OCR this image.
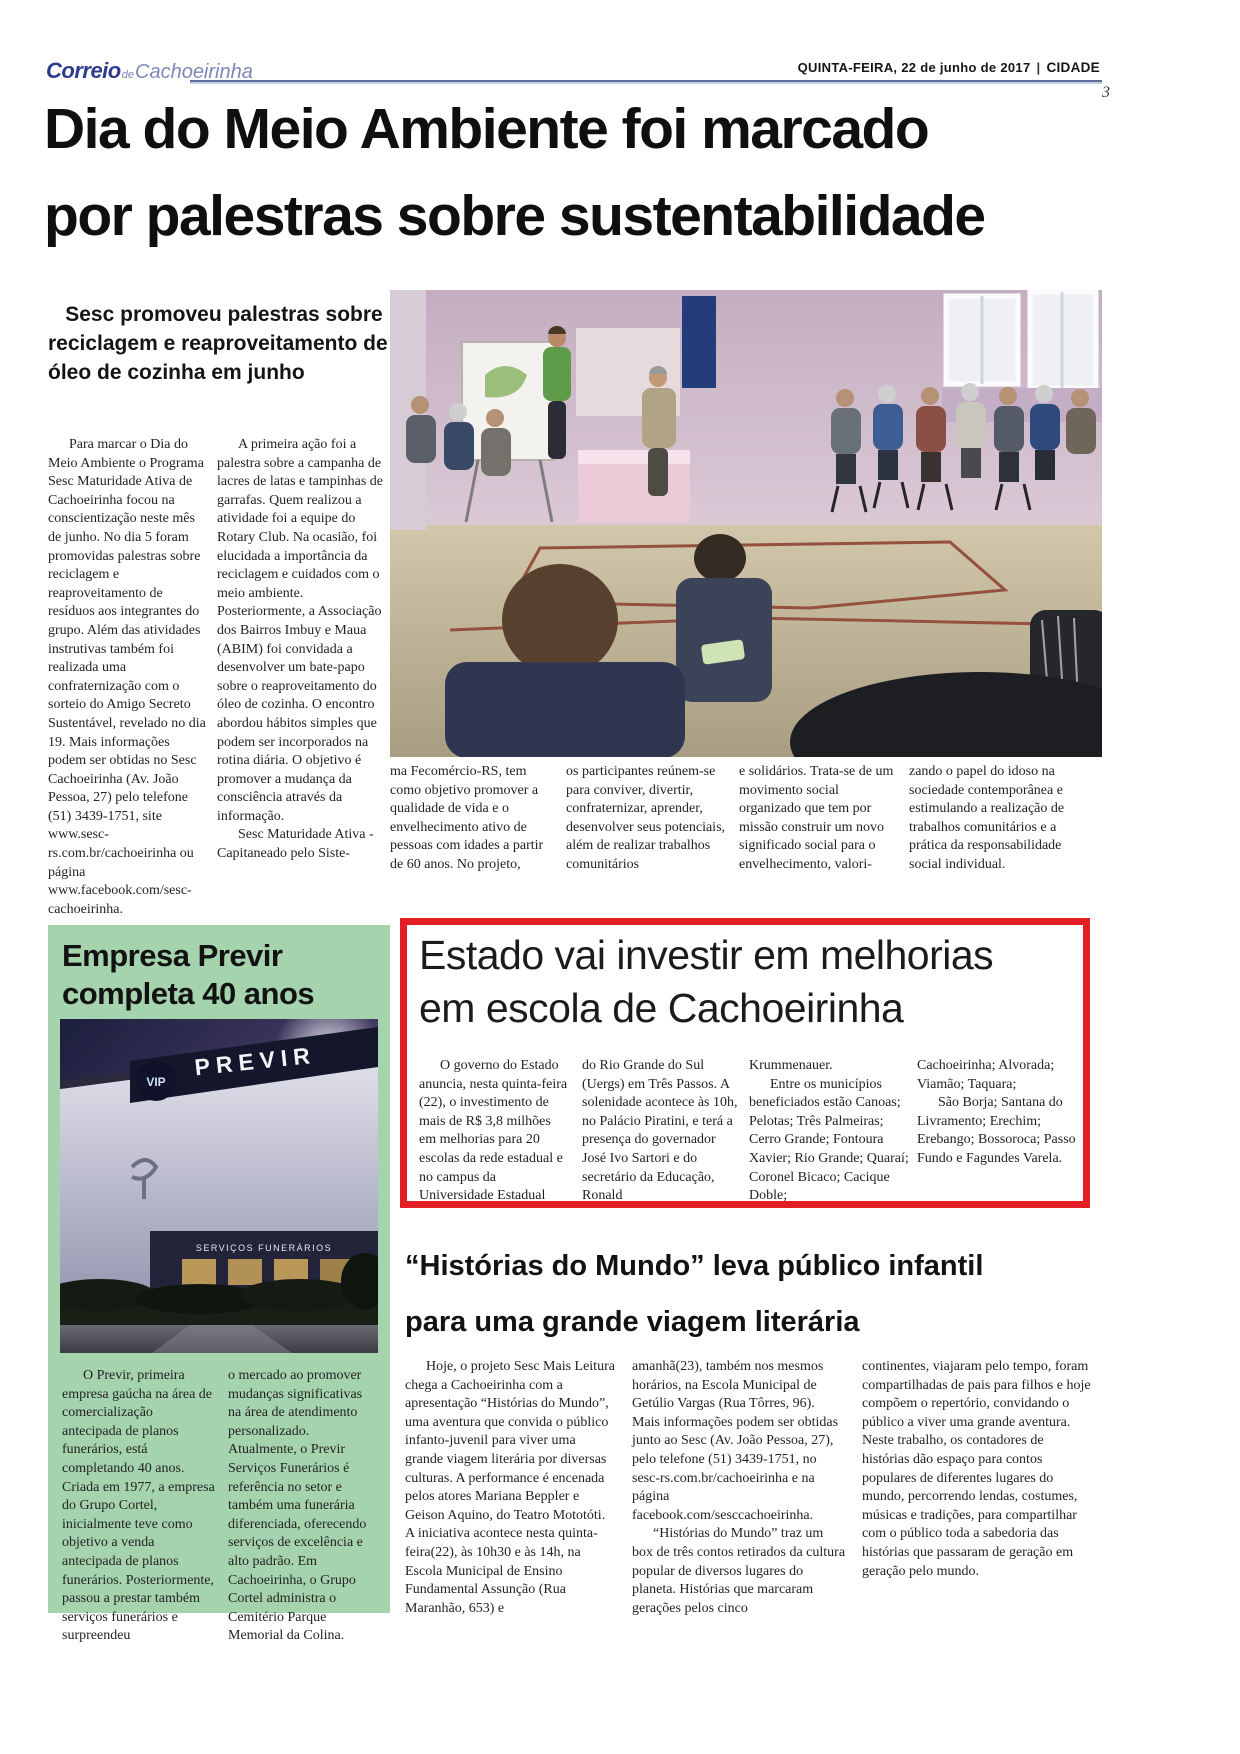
CorreiodeCachoeirinha	QUINTA-FEIRA, 22 de junho de 2017 | CIDADE
3

Dia do Meio Ambiente foi marcado

por palestras sobre sustentabilidade

Sesc promoveu palestras sobre

reciclagem e reaproveitamento de

óleo de cozinha em junho

Para marcar o Dia do Meio Ambiente o Programa Sesc Maturidade Ativa de Cachoeirinha focou na conscientização neste mês de junho. No dia 5 foram promovidas palestras sobre reciclagem e reaproveitamento de resíduos aos integrantes do grupo. Além das atividades instrutivas também foi realizada uma confraternização com o sorteio do Amigo Secreto Sustentável, revelado no dia 19. Mais informações podem ser obtidas no Sesc Cachoeirinha (Av. João Pessoa, 27) pelo telefone (51) 3439-1751, site www.sesc-rs.com.br/cachoeirinha ou página www.facebook.com/sesc-cachoeirinha.

A primeira ação foi a palestra sobre a campanha de lacres de latas e tampinhas de garrafas. Quem realizou a atividade foi a equipe do Rotary Club. Na ocasião, foi elucidada a importância da reciclagem e cuidados com o meio ambiente. Posteriormente, a Associação dos Bairros Imbuy e Maua (ABIM) foi convidada a desenvolver um bate-papo sobre o reaproveitamento do óleo de cozinha. O encontro abordou hábitos simples que podem ser incorporados na rotina diária. O objetivo é promover a mudança da consciência através da informação.

Sesc Maturidade Ativa - Capitaneado pelo Siste-

ma Fecomércio-RS, tem como objetivo promover a qualidade de vida e o envelhecimento ativo de pessoas com idades a partir de 60 anos. No projeto,

os participantes reúnem-se para conviver, divertir, confraternizar, aprender, desenvolver seus potenciais, além de realizar trabalhos comunitários

e solidários. Trata-se de um movimento social organizado que tem por missão construir um novo significado social para o envelhecimento, valori-

zando o papel do idoso na sociedade contemporânea e estimulando a realização de trabalhos comunitários e a prática da responsabilidade social individual.

Empresa Previr

completa 40 anos

PREVIR
VIP
SERVIÇOS FUNERÁRIOS

O Previr, primeira empresa gaúcha na área de comercialização antecipada de planos funerários, está completando 40 anos. Criada em 1977, a empresa do Grupo Cortel, inicialmente teve como objetivo a venda antecipada de planos funerários. Posteriormente, passou a prestar também serviços funerários e surpreendeu

o mercado ao promover mudanças significativas na área de atendimento personalizado. Atualmente, o Previr Serviços Funerários é referência no setor e também uma funerária diferenciada, oferecendo serviços de excelência e alto padrão. Em Cachoeirinha, o Grupo Cortel administra o Cemitério Parque Memorial da Colina.

Estado vai investir em melhorias

em escola de Cachoeirinha

O governo do Estado anuncia, nesta quinta-feira (22), o investimento de mais de R$ 3,8 milhões em melhorias para 20 escolas da rede estadual e no campus da Universidade Estadual

do Rio Grande do Sul (Uergs) em Três Passos. A solenidade acontece às 10h, no Palácio Piratini, e terá a presença do governador José Ivo Sartori e do secretário da Educação, Ronald

Krummenauer.

Entre os municípios beneficiados estão Canoas; Pelotas; Três Palmeiras; Cerro Grande; Fontoura Xavier; Rio Grande; Quaraí; Coronel Bicaco; Cacique Doble;

Cachoeirinha; Alvorada; Viamão; Taquara;

São Borja; Santana do Livramento; Erechim; Erebango; Bossoroca; Passo Fundo e Fagundes Varela.

“Histórias do Mundo” leva público infantil

para uma grande viagem literária

Hoje, o projeto Sesc Mais Leitura chega a Cachoeirinha com a apresentação “Histórias do Mundo”, uma aventura que convida o público infanto-juvenil para viver uma grande viagem literária por diversas culturas. A performance é encenada pelos atores Mariana Beppler e Geison Aquino, do Teatro Mototóti. A iniciativa acontece nesta quinta-feira(22), às 10h30 e às 14h, na Escola Municipal de Ensino Fundamental Assunção (Rua Maranhão, 653) e

amanhã(23), também nos mesmos horários, na Escola Municipal de Getúlio Vargas (Rua Tôrres, 96). Mais informações podem ser obtidas junto ao Sesc (Av. João Pessoa, 27), pelo telefone (51) 3439-1751, no sesc-rs.com.br/cachoeirinha e na página facebook.com/sesccachoeirinha.

“Histórias do Mundo” traz um box de três contos retirados da cultura popular de diversos lugares do planeta. Histórias que marcaram gerações pelos cinco

continentes, viajaram pelo tempo, foram compartilhadas de pais para filhos e hoje compõem o repertório, convidando o público a viver uma grande aventura. Neste trabalho, os contadores de histórias dão espaço para contos populares de diferentes lugares do mundo, percorrendo lendas, costumes, músicas e tradições, para compartilhar com o público toda a sabedoria das histórias que passaram de geração em geração pelo mundo.
